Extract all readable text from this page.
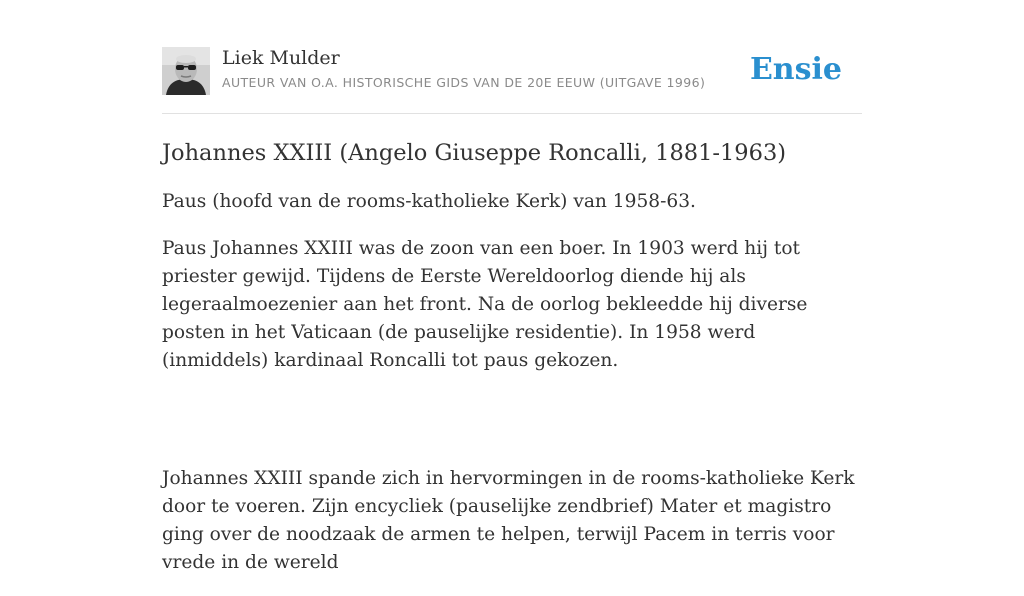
Liek Mulder
AUTEUR VAN O.A. HISTORISCHE GIDS VAN DE 20E EEUW (UITGAVE 1996) Ensie
Johannes XXIII (Angelo Giuseppe Roncalli, 1881-1963)

Paus (hoofd van de rooms-katholieke Kerk) van 1958-63.

Paus Johannes XXIII was de zoon van een boer. In 1903 werd hij tot priester gewijd. Tijdens de Eerste Wereldoorlog diende hij als legeraalmoezenier aan het front. Na de oorlog bekleedde hij diverse posten in het Vaticaan (de pauselijke residentie). In 1958 werd (inmiddels) kardinaal Roncalli tot paus gekozen.

Johannes XXIII spande zich in hervormingen in de rooms-katholieke Kerk door te voeren. Zijn encycliek (pauselijke zendbrief) Mater et magistro ging over de noodzaak de armen te helpen, terwijl Pacem in terris voor vrede in de wereld
